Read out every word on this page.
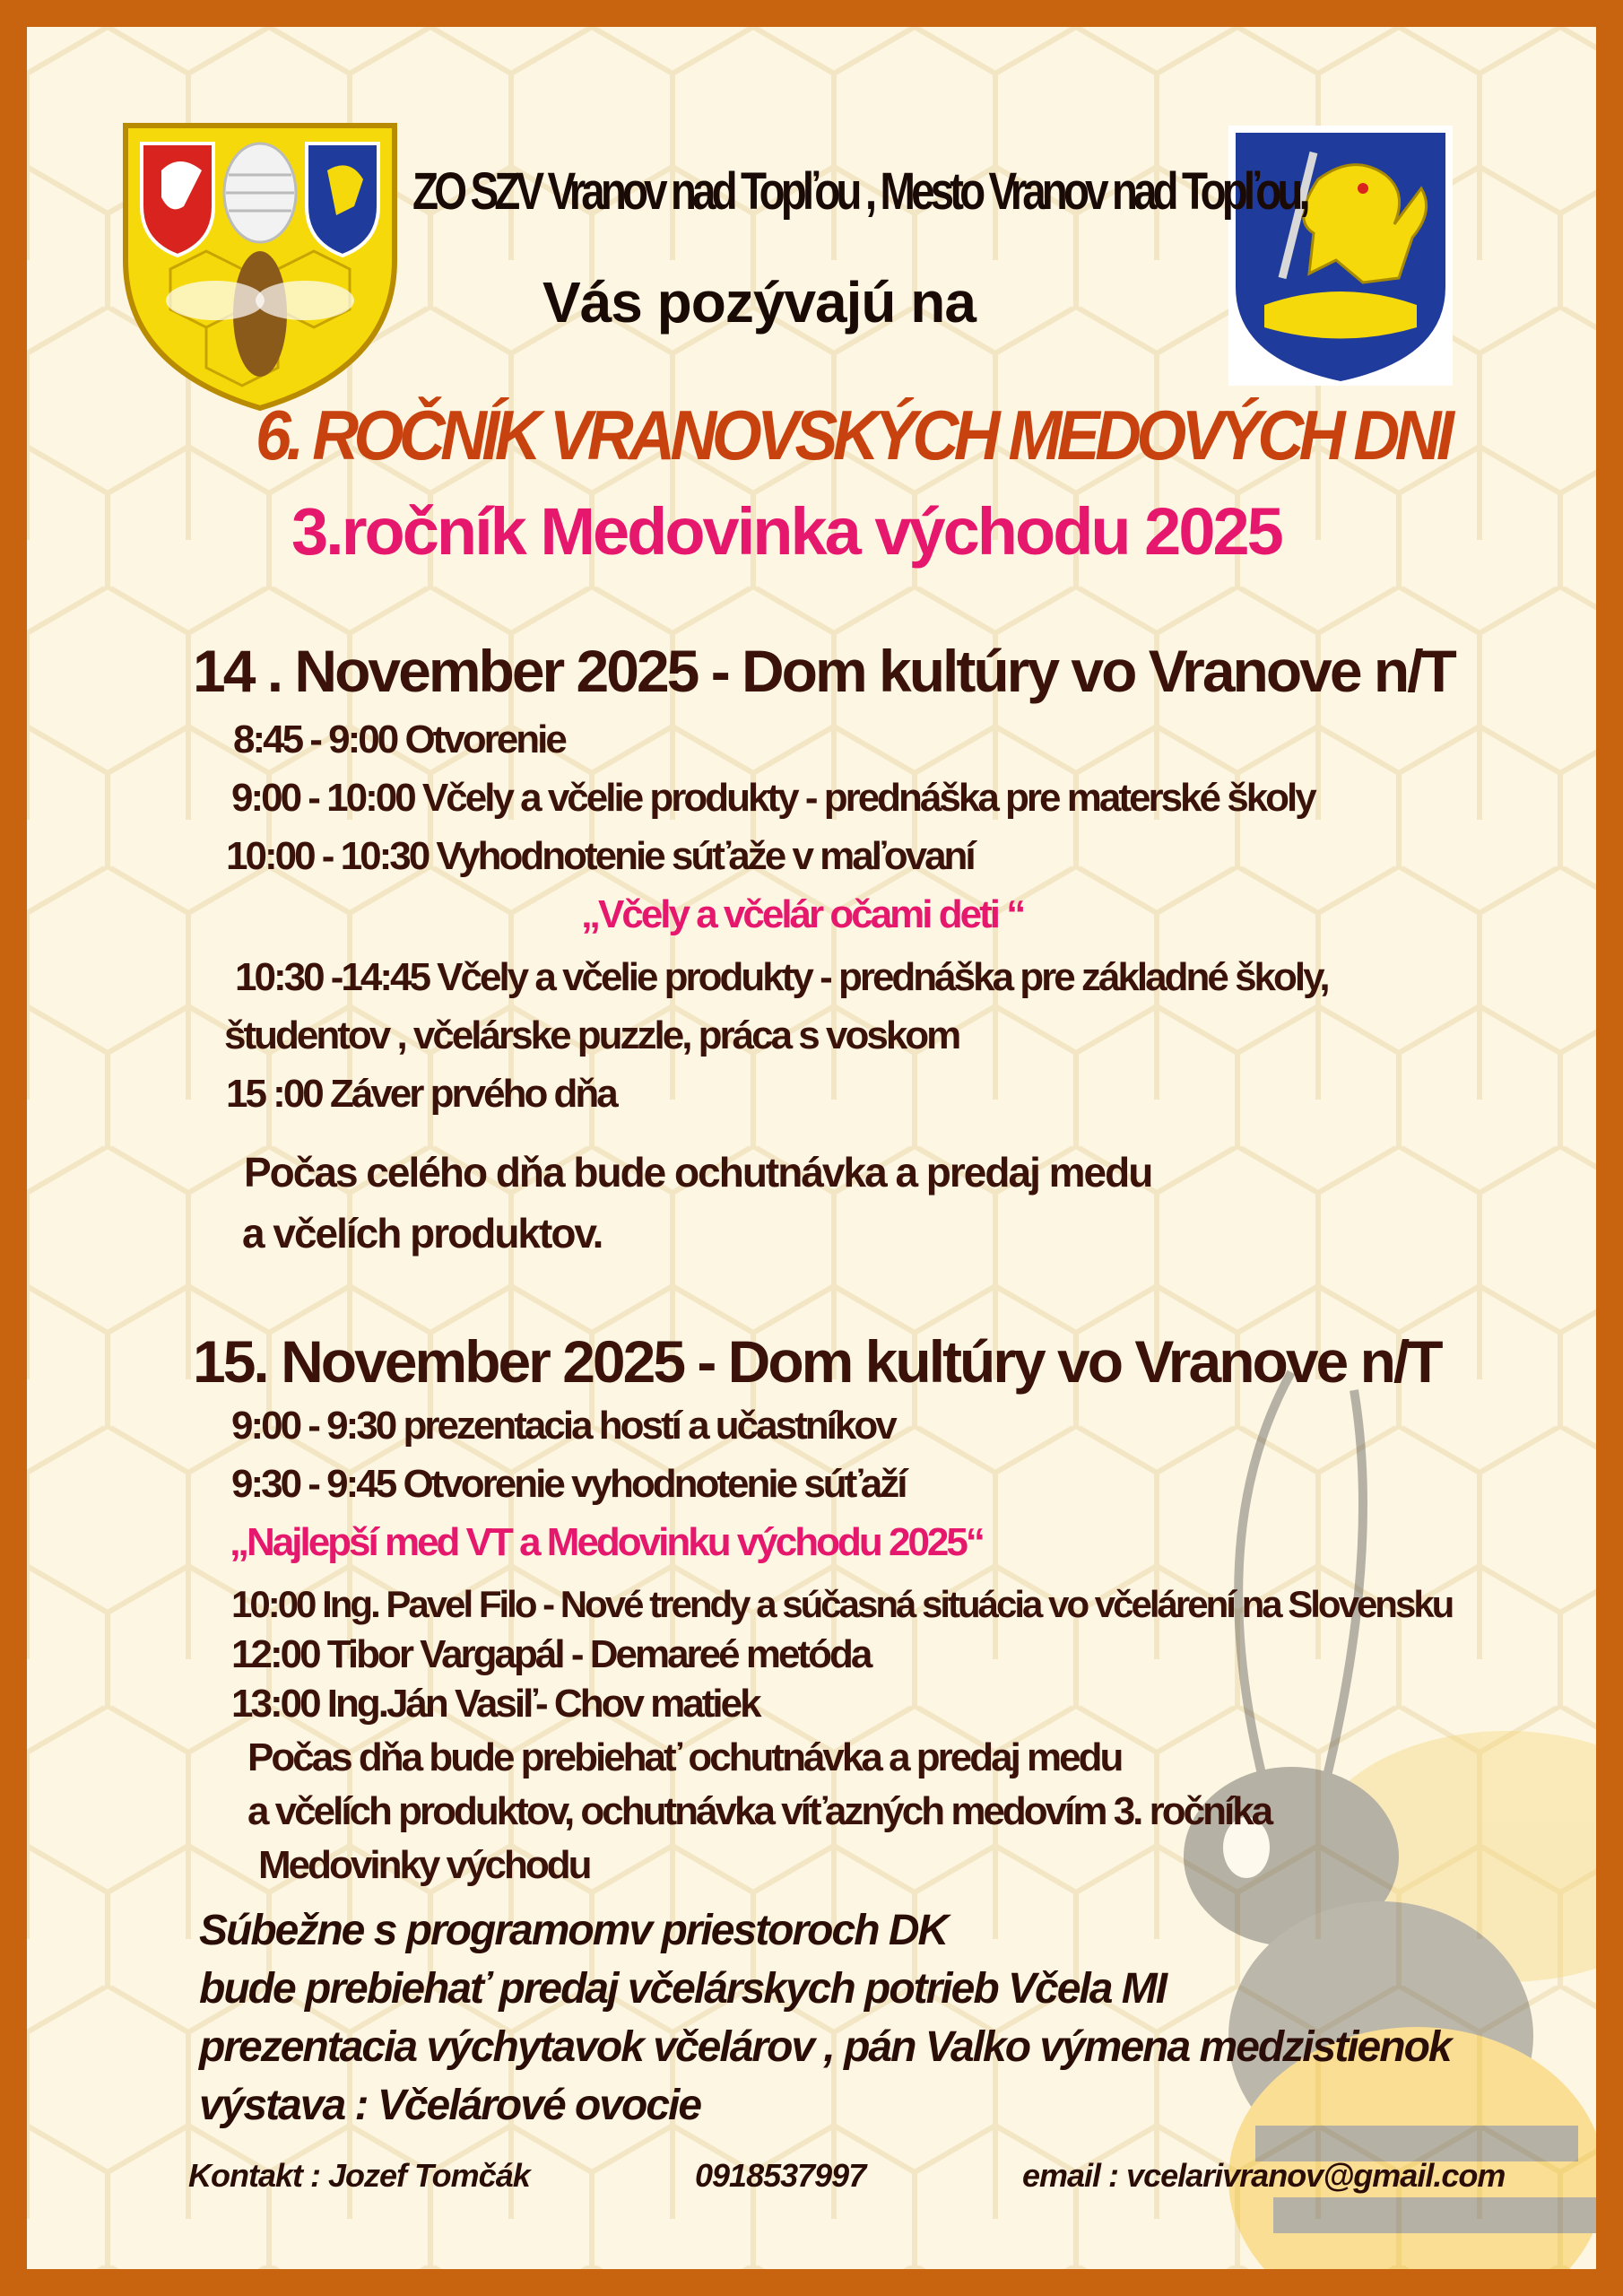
ZO SZV Vranov nad Topľou , Mesto Vranov nad Topľou,
Vás pozývajú na
6. ROČNÍK VRANOVSKÝCH MEDOVÝCH DNI
3.ročník Medovinka východu 2025
14 . November 2025 - Dom kultúry vo Vranove n/T
8:45 - 9:00 Otvorenie
9:00 - 10:00 Včely a včelie produkty - prednáška pre materské školy
10:00 - 10:30 Vyhodnotenie súťaže v maľovaní
„Včely a včelár očami deti “
10:30 -14:45 Včely a včelie produkty - prednáška pre základné školy,
študentov , včelárske puzzle, práca s voskom
15 :00 Záver prvého dňa
Počas celého dňa bude ochutnávka a predaj medu
a včelích produktov.
15. November 2025 - Dom kultúry vo Vranove n/T
9:00 - 9:30 prezentacia hostí a učastníkov
9:30 - 9:45 Otvorenie vyhodnotenie súťaží
„Najlepší med VT a Medovinku východu 2025“
10:00 Ing. Pavel Filo - Nové trendy a súčasná situácia vo včelárení na Slovensku
12:00 Tibor Vargapál - Demareé metóda
13:00 Ing.Ján Vasiľ- Chov matiek
Počas dňa bude prebiehať ochutnávka a predaj medu
a včelích produktov, ochutnávka víťazných medovím 3. ročníka
Medovinky východu
Súbežne s programomv priestoroch DK
bude prebiehať predaj včelárskych potrieb Včela MI
prezentacia výchytavok včelárov , pán Valko výmena medzistienok
výstava : Včelárové ovocie
Kontakt : Jozef Tomčák	0918537997	email : vcelarivranov@gmail.com
